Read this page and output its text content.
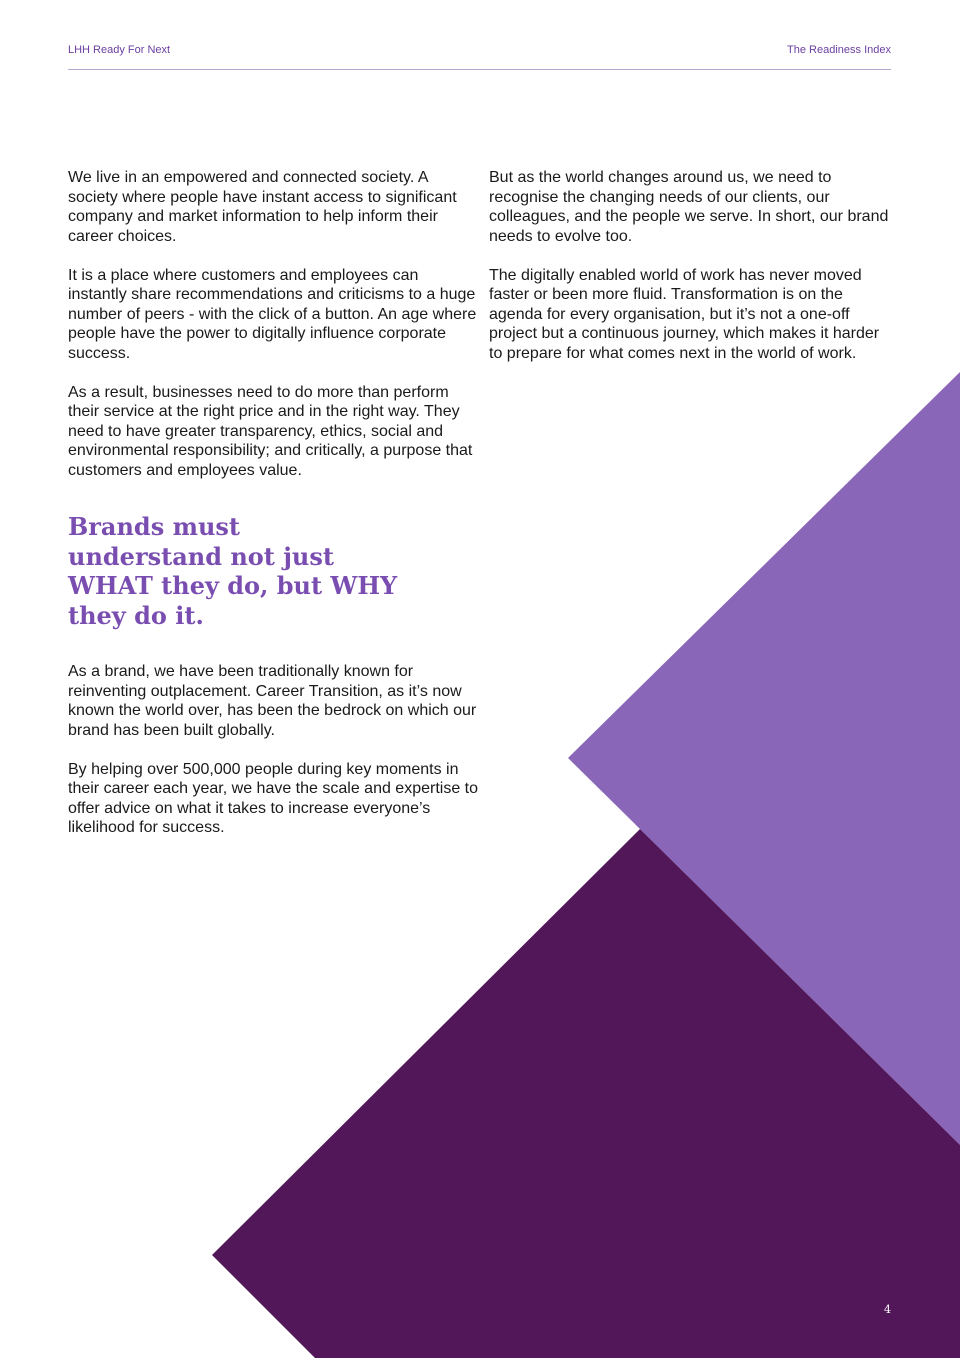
LHH Ready For Next	The Readiness Index

We live in an empowered and connected society. A society where people have instant access to significant company and market information to help inform their career choices.

It is a place where customers and employees can instantly share recommendations and criticisms to a huge number of peers - with the click of a button. An age where people have the power to digitally influence corporate success.

As a result, businesses need to do more than perform their service at the right price and in the right way. They need to have greater transparency, ethics, social and environmental responsibility; and critically, a purpose that customers and employees value.

Brands must understand not just WHAT they do, but WHY they do it.

As a brand, we have been traditionally known for reinventing outplacement. Career Transition, as it’s now known the world over, has been the bedrock on which our brand has been built globally.

By helping over 500,000 people during key moments in their career each year, we have the scale and expertise to offer advice on what it takes to increase everyone’s likelihood for success.

But as the world changes around us, we need to recognise the changing needs of our clients, our colleagues, and the people we serve. In short, our brand needs to evolve too.

The digitally enabled world of work has never moved faster or been more fluid. Transformation is on the agenda for every organisation, but it’s not a one-off project but a continuous journey, which makes it harder to prepare for what comes next in the world of work.

4
